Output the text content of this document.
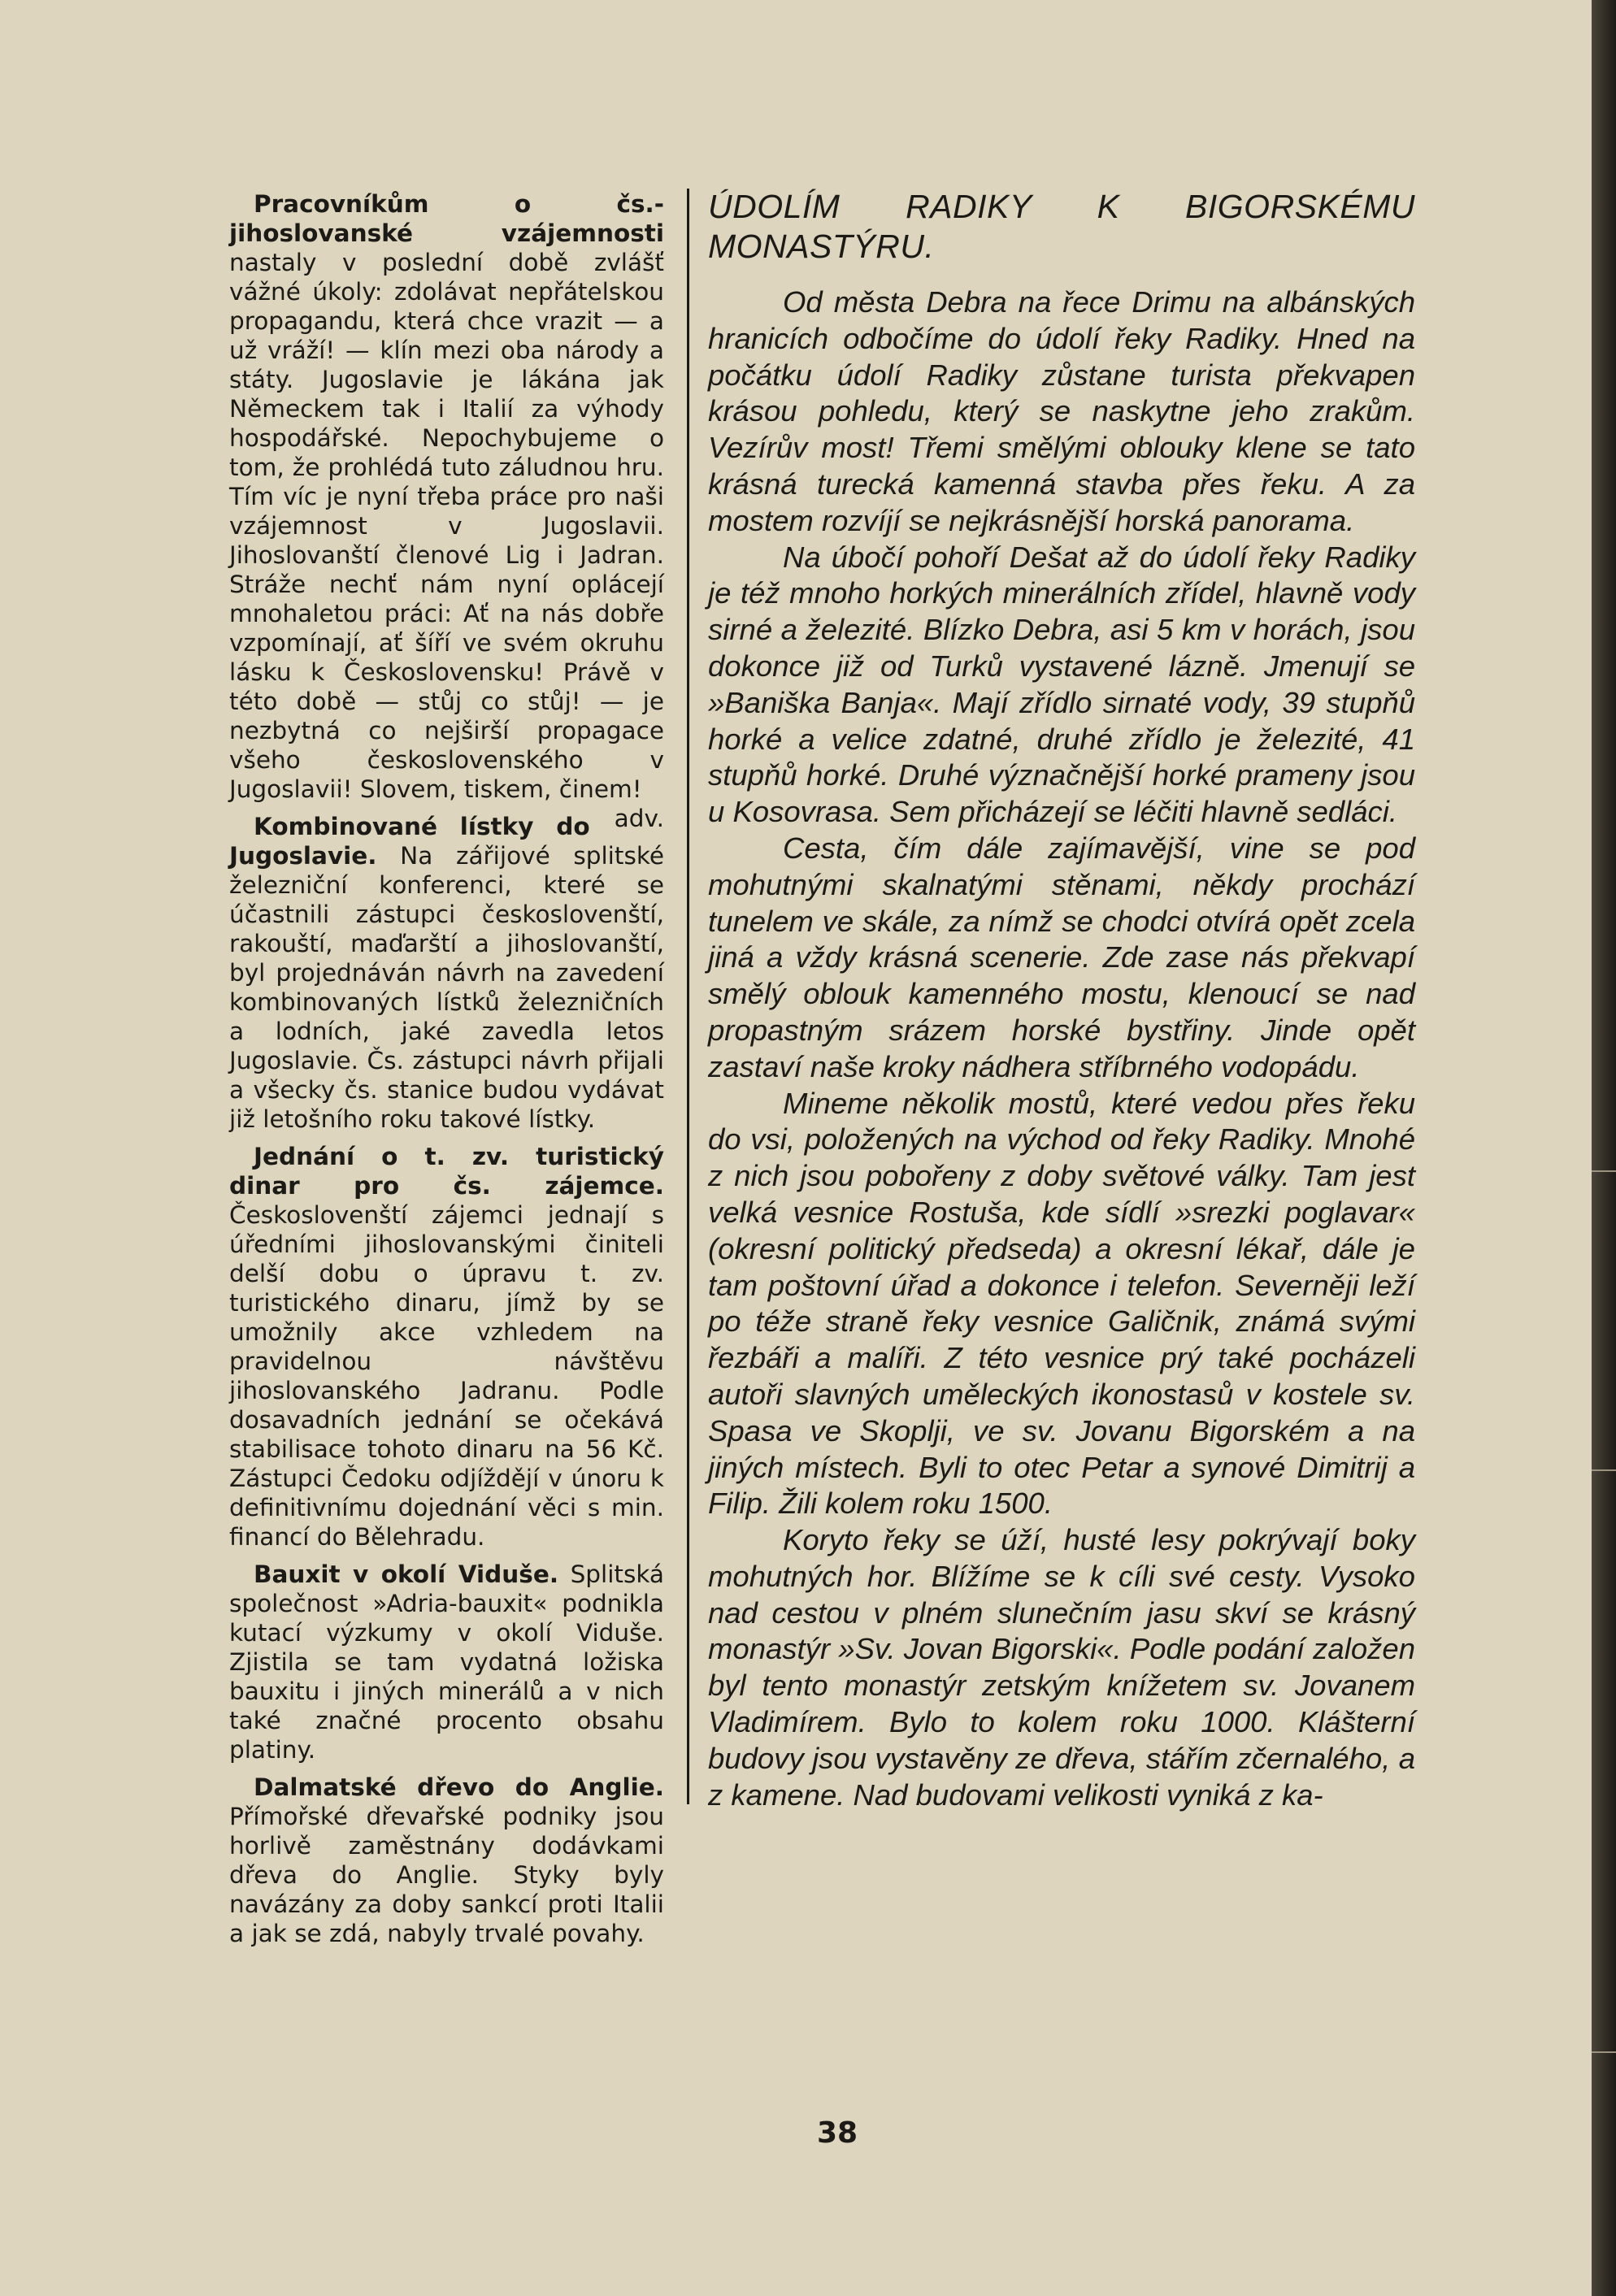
Pracovníkům o čs.-jihoslovanské vzájemnosti nastaly v poslední době zvlášť vážné úkoly: zdolávat nepřátelskou propagandu, která chce vrazit — a už vráží! — klín mezi oba národy a státy. Jugoslavie je lákána jak Německem tak i Italií za výhody hospodářské. Nepochybujeme o tom, že prohlédá tuto záludnou hru. Tím víc je nyní třeba práce pro naši vzájemnost v Jugoslavii. Jihoslovanští členové Lig i Jadran. Stráže nechť nám nyní oplácejí mnohaletou práci: Ať na nás dobře vzpomínají, ať šíří ve svém okruhu lásku k Československu! Právě v této době — stůj co stůj! — je nezbytná co nejširší propagace všeho československého v Jugoslavii! Slovem, tiskem, činem!
adv.

Kombinované lístky do Jugoslavie. Na zářijové splitské železniční konferenci, které se účastnili zástupci českoslovenští, rakouští, maďarští a jihoslovanští, byl projednáván návrh na zavedení kombinovaných lístků železničních a lodních, jaké zavedla letos Jugoslavie. Čs. zástupci návrh přijali a všecky čs. stanice budou vydávat již letošního roku takové lístky.

Jednání o t. zv. turistický dinar pro čs. zájemce. Českoslovenští zájemci jednají s úředními jihoslovanskými činiteli delší dobu o úpravu t. zv. turistického dinaru, jímž by se umožnily akce vzhledem na pravidelnou návštěvu jihoslovanského Jadranu. Podle dosavadních jednání se očekává stabilisace tohoto dinaru na 56 Kč. Zástupci Čedoku odjíždějí v únoru k definitivnímu dojednání věci s min. financí do Bělehradu.

Bauxit v okolí Viduše. Splitská společnost »Adria-bauxit« podnikla kutací výzkumy v okolí Viduše. Zjistila se tam vydatná ložiska bauxitu i jiných minerálů a v nich také značné procento obsahu platiny.

Dalmatské dřevo do Anglie. Přímořské dřevařské podniky jsou horlivě zaměstnány dodávkami dřeva do Anglie. Styky byly navázány za doby sankcí proti Italii a jak se zdá, nabyly trvalé povahy.

ÚDOLÍM RADIKY K BIGORSKÉMU MONASTÝRU.

Od města Debra na řece Drimu na albánských hranicích odbočíme do údolí řeky Radiky. Hned na počátku údolí Radiky zůstane turista překvapen krásou pohledu, který se naskytne jeho zrakům. Vezírův most! Třemi smělými oblouky klene se tato krásná turecká kamenná stavba přes řeku. A za mostem rozvíjí se nejkrásnější horská panorama.

Na úbočí pohoří Dešat až do údolí řeky Radiky je též mnoho horkých minerálních zřídel, hlavně vody sirné a železité. Blízko Debra, asi 5 km v horách, jsou dokonce již od Turků vystavené lázně. Jmenují se »Baniška Banja«. Mají zřídlo sirnaté vody, 39 stupňů horké a velice zdatné, druhé zřídlo je železité, 41 stupňů horké. Druhé význačnější horké prameny jsou u Kosovrasa. Sem přicházejí se léčiti hlavně sedláci.

Cesta, čím dále zajímavější, vine se pod mohutnými skalnatými stěnami, někdy prochází tunelem ve skále, za nímž se chodci otvírá opět zcela jiná a vždy krásná scenerie. Zde zase nás překvapí smělý oblouk kamenného mostu, klenoucí se nad propastným srázem horské bystřiny. Jinde opět zastaví naše kroky nádhera stříbrného vodopádu.

Mineme několik mostů, které vedou přes řeku do vsi, položených na východ od řeky Radiky. Mnohé z nich jsou pobořeny z doby světové války. Tam jest velká vesnice Rostuša, kde sídlí »srezki poglavar« (okresní politický předseda) a okresní lékař, dále je tam poštovní úřad a dokonce i telefon. Severněji leží po téže straně řeky vesnice Galičnik, známá svými řezbáři a malíři. Z této vesnice prý také pocházeli autoři slavných uměleckých ikonostasů v kostele sv. Spasa ve Skoplji, ve sv. Jovanu Bigorském a na jiných místech. Byli to otec Petar a synové Dimitrij a Filip. Žili kolem roku 1500.

Koryto řeky se úží, husté lesy pokrývají boky mohutných hor. Blížíme se k cíli své cesty. Vysoko nad cestou v plném slunečním jasu skví se krásný monastýr »Sv. Jovan Bigorski«. Podle podání založen byl tento monastýr zetským knížetem sv. Jovanem Vladimírem. Bylo to kolem roku 1000. Klášterní budovy jsou vystavěny ze dřeva, stářím zčernalého, a z kamene. Nad budovami velikosti vyniká z ka-

38
